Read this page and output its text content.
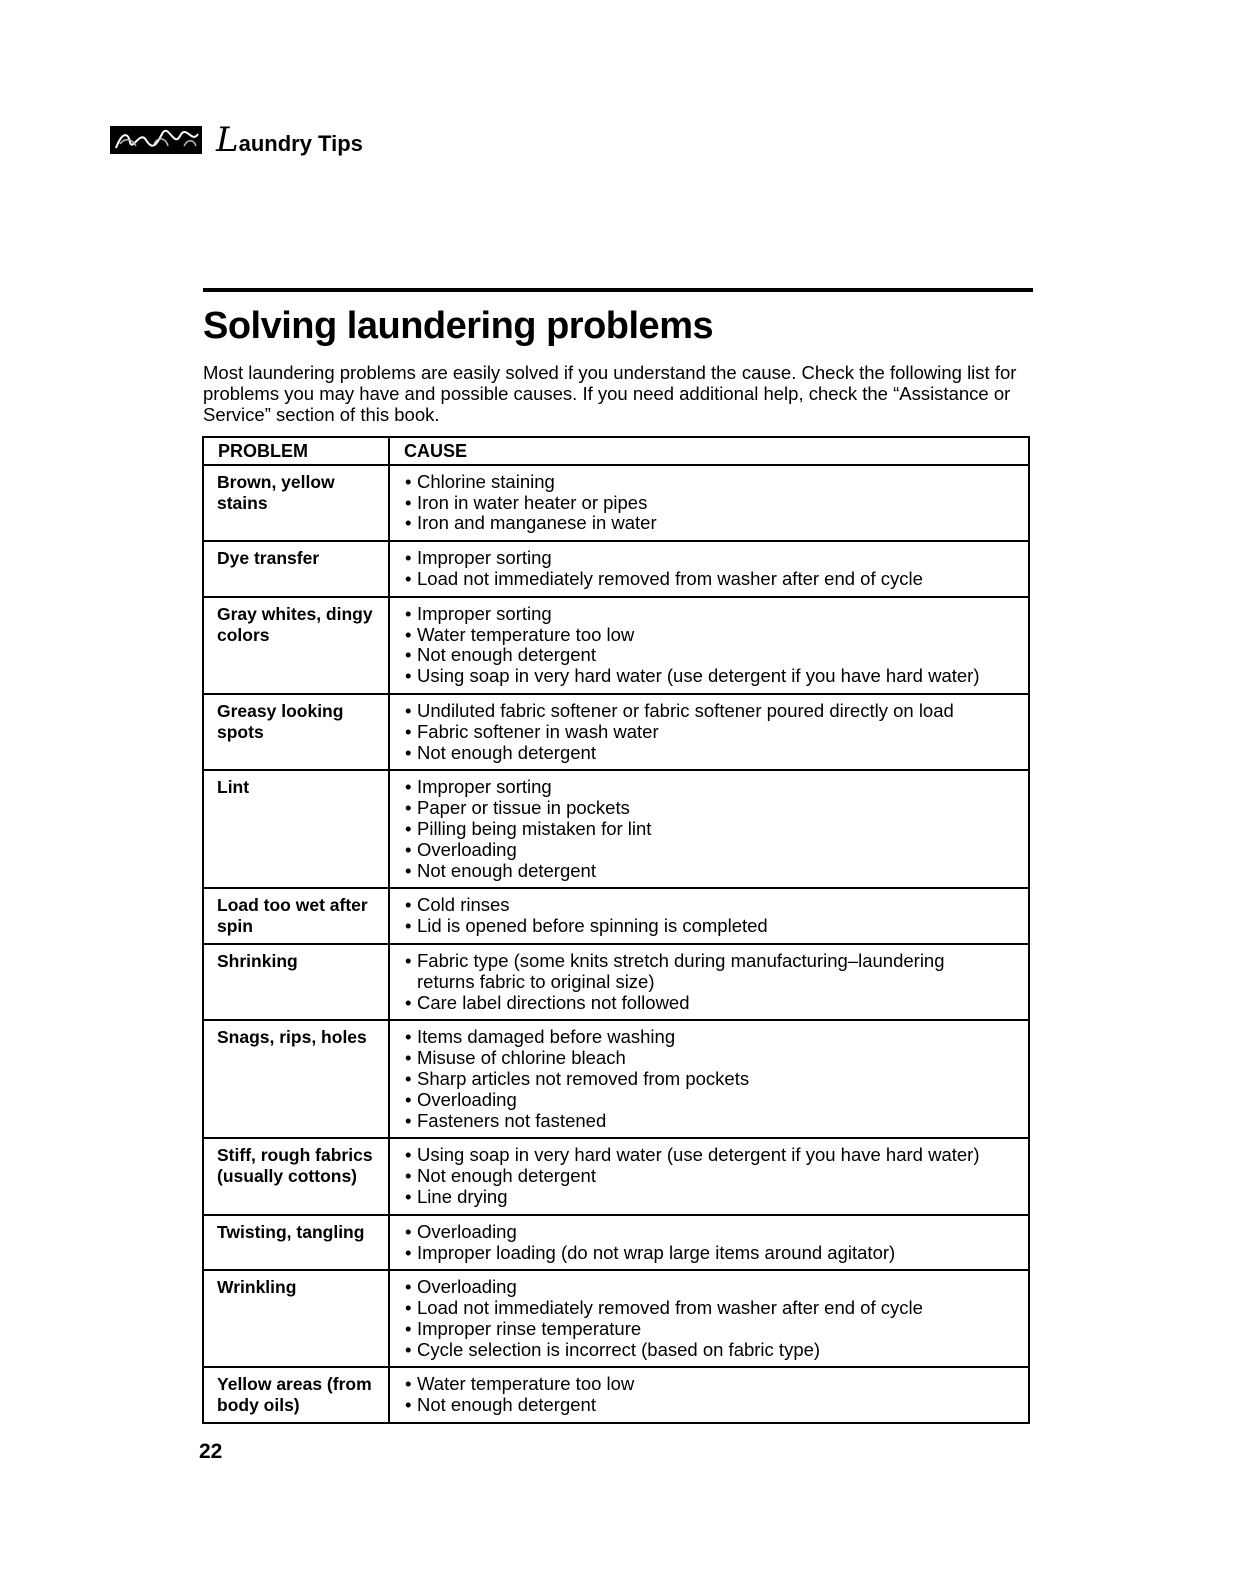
Laundry Tips
Solving laundering problems
Most laundering problems are easily solved if you understand the cause. Check the following list for problems you may have and possible causes. If you need additional help, check the “Assistance or Service” section of this book.
PROBLEM	CAUSE
Brown, yellow stains	• Chlorine staining
• Iron in water heater or pipes
• Iron and manganese in water

Dye transfer	• Improper sorting
• Load not immediately removed from washer after end of cycle

Gray whites, dingy colors	• Improper sorting
• Water temperature too low
• Not enough detergent
• Using soap in very hard water (use detergent if you have hard water)

Greasy looking spots	• Undiluted fabric softener or fabric softener poured directly on load
• Fabric softener in wash water
• Not enough detergent

Lint	• Improper sorting
• Paper or tissue in pockets
• Pilling being mistaken for lint
• Overloading
• Not enough detergent

Load too wet after spin	• Cold rinses
• Lid is opened before spinning is completed

Shrinking	• Fabric type (some knits stretch during manufacturing–laundering
returns fabric to original size)
• Care label directions not followed

Snags, rips, holes	• Items damaged before washing
• Misuse of chlorine bleach
• Sharp articles not removed from pockets
• Overloading
• Fasteners not fastened

Stiff, rough fabrics (usually cottons)	• Using soap in very hard water (use detergent if you have hard water)
• Not enough detergent
• Line drying

Twisting, tangling	• Overloading
• Improper loading (do not wrap large items around agitator)

Wrinkling	• Overloading
• Load not immediately removed from washer after end of cycle
• Improper rinse temperature
• Cycle selection is incorrect (based on fabric type)

Yellow areas (from body oils)	• Water temperature too low
• Not enough detergent
22
